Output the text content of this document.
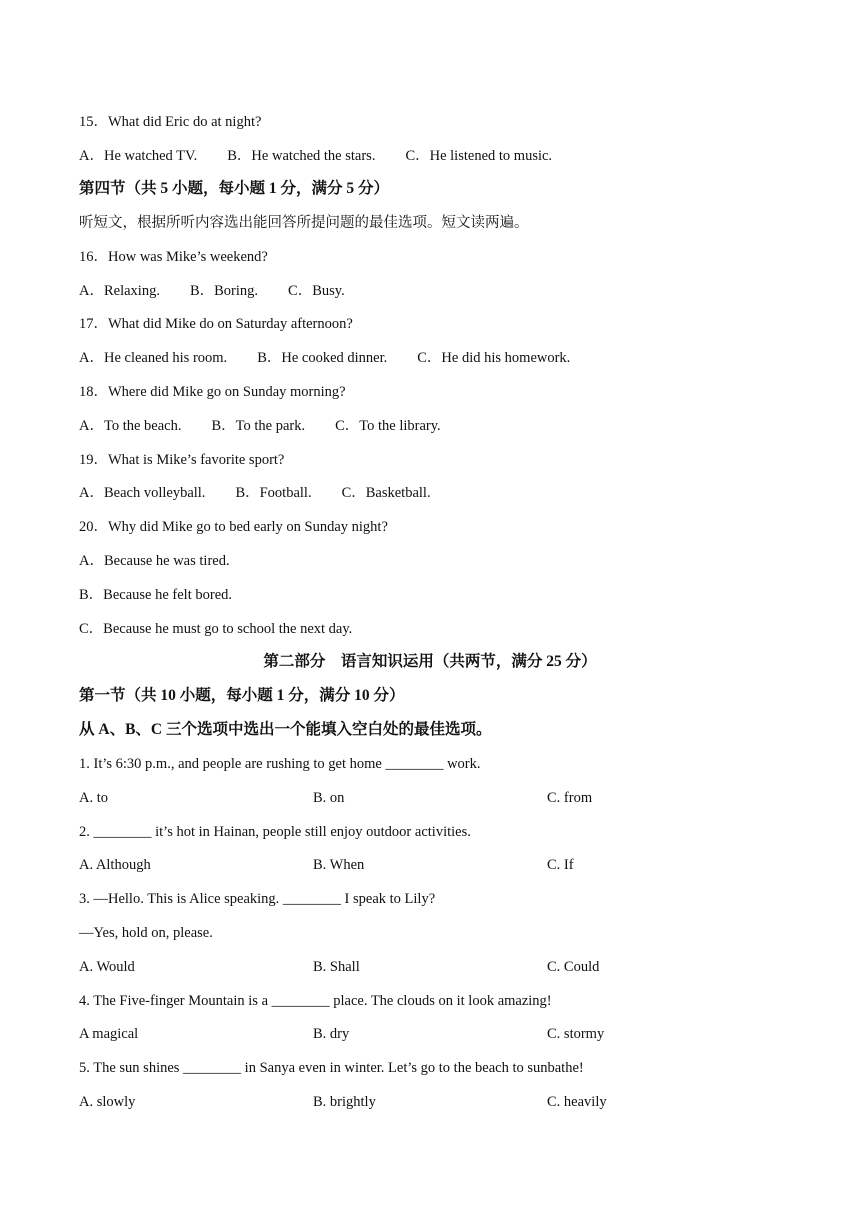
15．What did Eric do at night?
A．He watched TV. B．He watched the stars. C．He listened to music.
第四节（共 5 小题，每小题 1 分，满分 5 分）
听短文，根据所听内容选出能回答所提问题的最佳选项。短文读两遍。
16．How was Mike’s weekend?
A．Relaxing. B．Boring. C．Busy.
17．What did Mike do on Saturday afternoon?
A．He cleaned his room. B．He cooked dinner. C．He did his homework.
18．Where did Mike go on Sunday morning?
A．To the beach. B．To the park. C．To the library.
19．What is Mike’s favorite sport?
A．Beach volleyball. B．Football. C．Basketball.
20．Why did Mike go to bed early on Sunday night?
A．Because he was tired.
B．Because he felt bored.
C．Because he must go to school the next day.
第二部分　语言知识运用（共两节，满分 25 分）
第一节（共 10 小题，每小题 1 分，满分 10 分）
从 A、B、C 三个选项中选出一个能填入空白处的最佳选项。
1. It’s 6:30 p.m., and people are rushing to get home ________ work.
A. to	B. on	C. from
2. ________ it’s hot in Hainan, people still enjoy outdoor activities.
A. Although	B. When	C. If
3. —Hello. This is Alice speaking. ________ I speak to Lily?
—Yes, hold on, please.
A. Would	B. Shall	C. Could
4. The Five-finger Mountain is a ________ place. The clouds on it look amazing!
A magical	B. dry	C. stormy
5. The sun shines ________ in Sanya even in winter. Let’s go to the beach to sunbathe!
A. slowly	B. brightly	C. heavily
